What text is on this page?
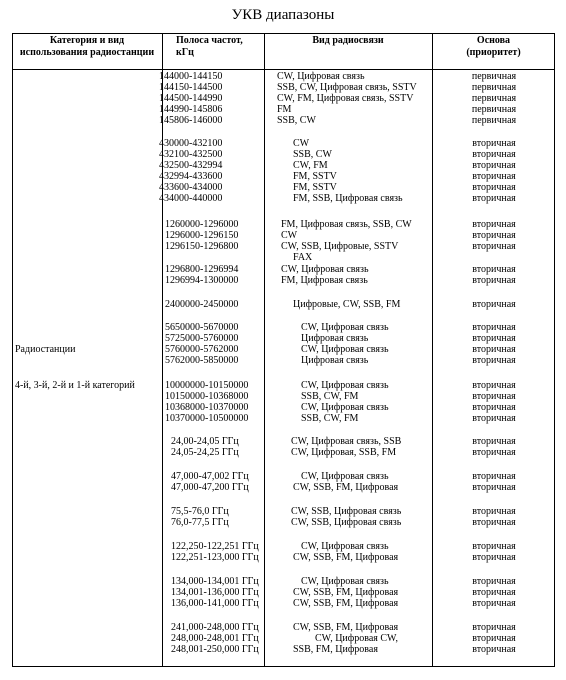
УКВ диапазоны
Категория и вид
использования радиостанции
Полоса частот,
кГц
Вид радиосвязи	Основа
(приоритет)

Радиостанции

4-й, 3-й, 2-й и 1-й категорий

144000-144150	CW, Цифровая связь	первичная
144150-144500	SSB, CW, Цифровая связь, SSTV	первичная
144500-144990	CW, FM, Цифровая связь, SSTV	первичная
144990-145806	FM	первичная
145806-146000	SSB, CW	первичная
430000-432100	CW	вторичная
432100-432500	SSB, CW	вторичная
432500-432994	CW, FM	вторичная
432994-433600	FM, SSTV	вторичная
433600-434000	FM, SSTV	вторичная
434000-440000	FM, SSB, Цифровая связь	вторичная
1260000-1296000	FM, Цифровая связь, SSB, CW	вторичная
1296000-1296150	CW	вторичная
1296150-1296800	CW, SSB, Цифровые, SSTV	вторичная
FAX
1296800-1296994	CW, Цифровая связь	вторичная
1296994-1300000	FM, Цифровая связь	вторичная
2400000-2450000	Цифровые, CW, SSB, FM	вторичная
5650000-5670000	CW, Цифровая связь	вторичная
5725000-5760000	Цифровая связь	вторичная
5760000-5762000	CW, Цифровая связь	вторичная
5762000-5850000	Цифровая связь	вторичная
10000000-10150000	CW, Цифровая связь	вторичная
10150000-10368000	SSB, CW, FM	вторичная
10368000-10370000	CW, Цифровая связь	вторичная
10370000-10500000	SSB, CW, FM	вторичная
24,00-24,05 ГГц	CW, Цифровая связь, SSB	вторичная
24,05-24,25 ГГц	CW, Цифровая, SSB, FM	вторичная
47,000-47,002 ГГц	CW, Цифровая связь	вторичная
47,000-47,200 ГГц	CW, SSB, FM, Цифровая	вторичная
75,5-76,0 ГГц	CW, SSB, Цифровая связь	вторичная
76,0-77,5 ГГц	CW, SSB, Цифровая связь	вторичная
122,250-122,251 ГГц	CW, Цифровая связь	вторичная
122,251-123,000 ГГц	CW, SSB, FM, Цифровая	вторичная
134,000-134,001 ГГц	CW, Цифровая связь	вторичная
134,001-136,000 ГГц	CW, SSB, FM, Цифровая	вторичная
136,000-141,000 ГГц	CW, SSB, FM, Цифровая	вторичная
241,000-248,000 ГГц	CW, SSB, FM, Цифровая	вторичная
248,000-248,001 ГГц	CW, Цифровая CW,	вторичная
248,001-250,000 ГГц	SSB, FM, Цифровая	вторичная
